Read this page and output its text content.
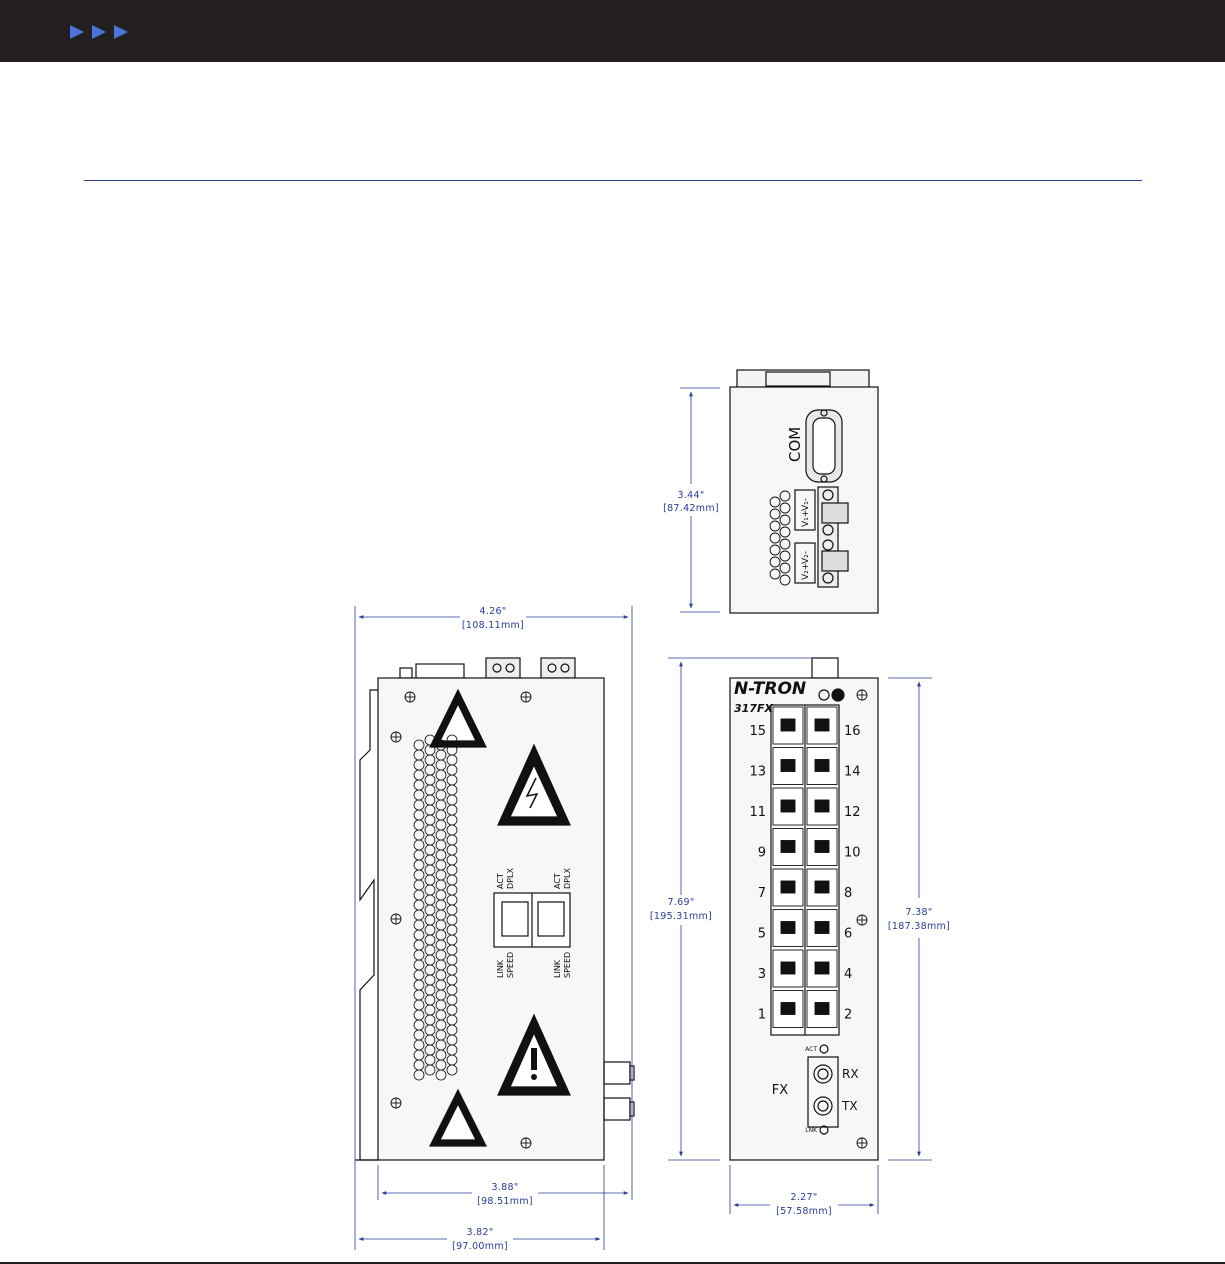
COM
V₁+
V₁-
V₂+
V₂-
3.44"
[87.42mm]
ACT DPLX	ACT DPLX
LINK SPEED	LINK SPEED
4.26"
[108.11mm]
3.88"
[98.51mm]
3.82"
[97.00mm]
N-TRON
317FX
15
13
11
9
7
5
3
1
16
14
12
10
8
6
4
2
FX
RX
TX
ACT
LNK
7.69"
[195.31mm]	7.38"
[187.38mm]
2.27"
[57.58mm]
